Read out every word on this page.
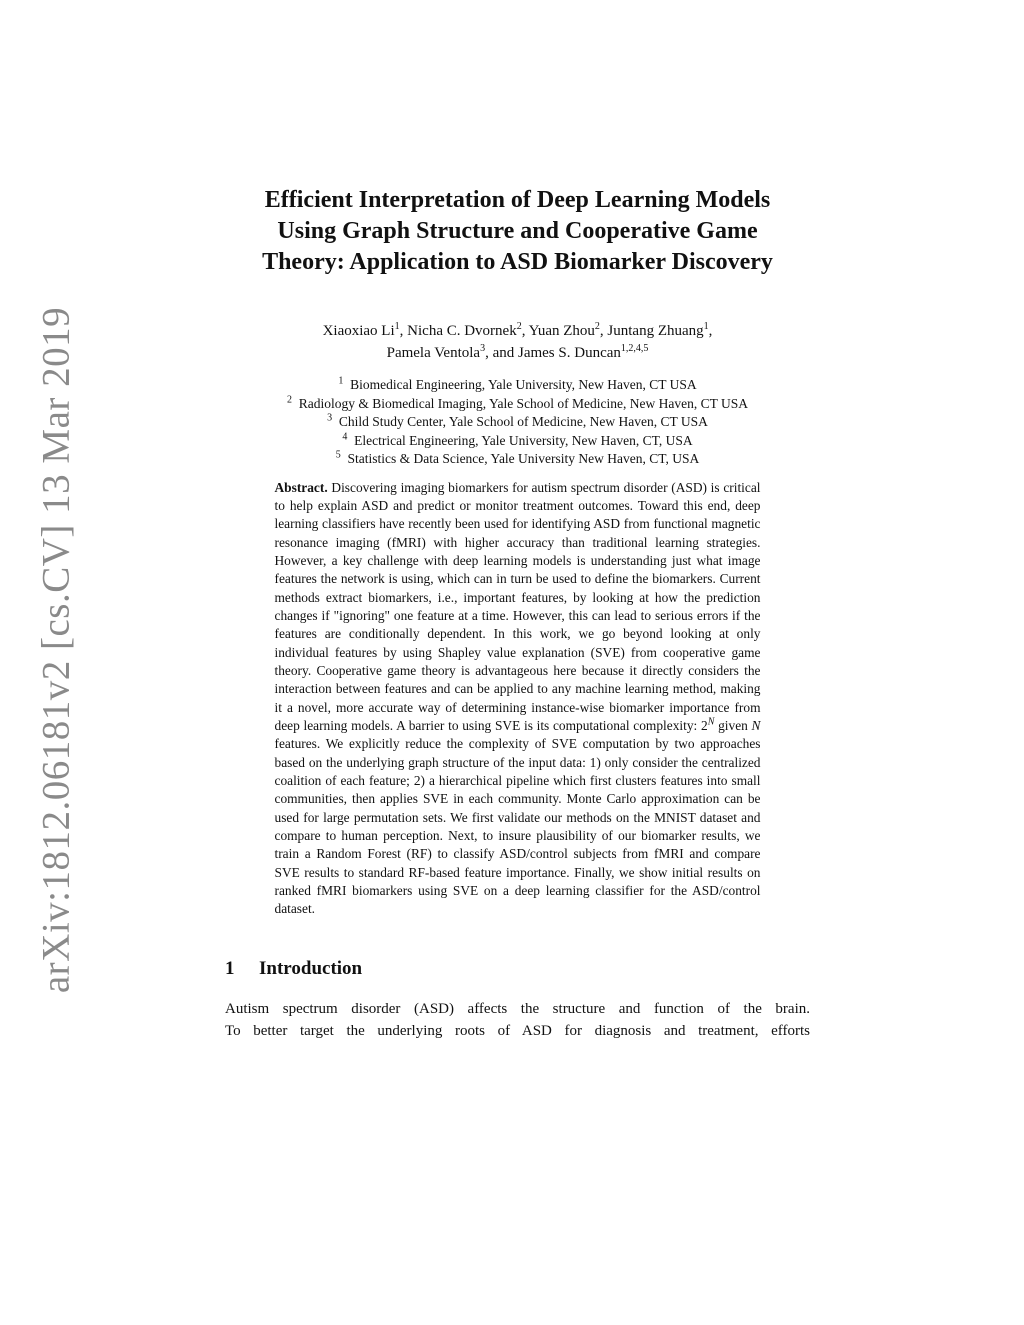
arXiv:1812.06181v2 [cs.CV] 13 Mar 2019
Efficient Interpretation of Deep Learning Models
Using Graph Structure and Cooperative Game
Theory: Application to ASD Biomarker Discovery
Xiaoxiao Li$^1$, Nicha C. Dvornek$^2$, Yuan Zhou$^2$, Juntang Zhuang$^1$,
Pamela Ventola$^3$, and James S. Duncan$^{1,2,4,5}$
$^1$ Biomedical Engineering, Yale University, New Haven, CT USA
$^2$ Radiology & Biomedical Imaging, Yale School of Medicine, New Haven, CT USA
$^3$ Child Study Center, Yale School of Medicine, New Haven, CT USA
$^4$ Electrical Engineering, Yale University, New Haven, CT, USA
$^5$ Statistics & Data Science, Yale University New Haven, CT, USA
Abstract. Discovering imaging biomarkers for autism spectrum disorder (ASD) is critical to help explain ASD and predict or monitor treatment outcomes. Toward this end, deep learning classifiers have recently been used for identifying ASD from functional magnetic resonance imaging (fMRI) with higher accuracy than traditional learning strategies. However, a key challenge with deep learning models is understanding just what image features the network is using, which can in turn be used to define the biomarkers. Current methods extract biomarkers, i.e., important features, by looking at how the prediction changes if "ignoring" one feature at a time. However, this can lead to serious errors if the features are conditionally dependent. In this work, we go beyond looking at only individual features by using Shapley value explanation (SVE) from cooperative game theory. Cooperative game theory is advantageous here because it directly considers the interaction between features and can be applied to any machine learning method, making it a novel, more accurate way of determining instance-wise biomarker importance from deep learning models. A barrier to using SVE is its computational complexity: $2^N$ given N features. We explicitly reduce the complexity of SVE computation by two approaches based on the underlying graph structure of the input data: 1) only consider the centralized coalition of each feature; 2) a hierarchical pipeline which first clusters features into small communities, then applies SVE in each community. Monte Carlo approximation can be used for large permutation sets. We first validate our methods on the MNIST dataset and compare to human perception. Next, to insure plausibility of our biomarker results, we train a Random Forest (RF) to classify ASD/control subjects from fMRI and compare SVE results to standard RF-based feature importance. Finally, we show initial results on ranked fMRI biomarkers using SVE on a deep learning classifier for the ASD/control dataset.
1	Introduction
Autism spectrum disorder (ASD) affects the structure and function of the brain.
To better target the underlying roots of ASD for diagnosis and treatment, efforts
